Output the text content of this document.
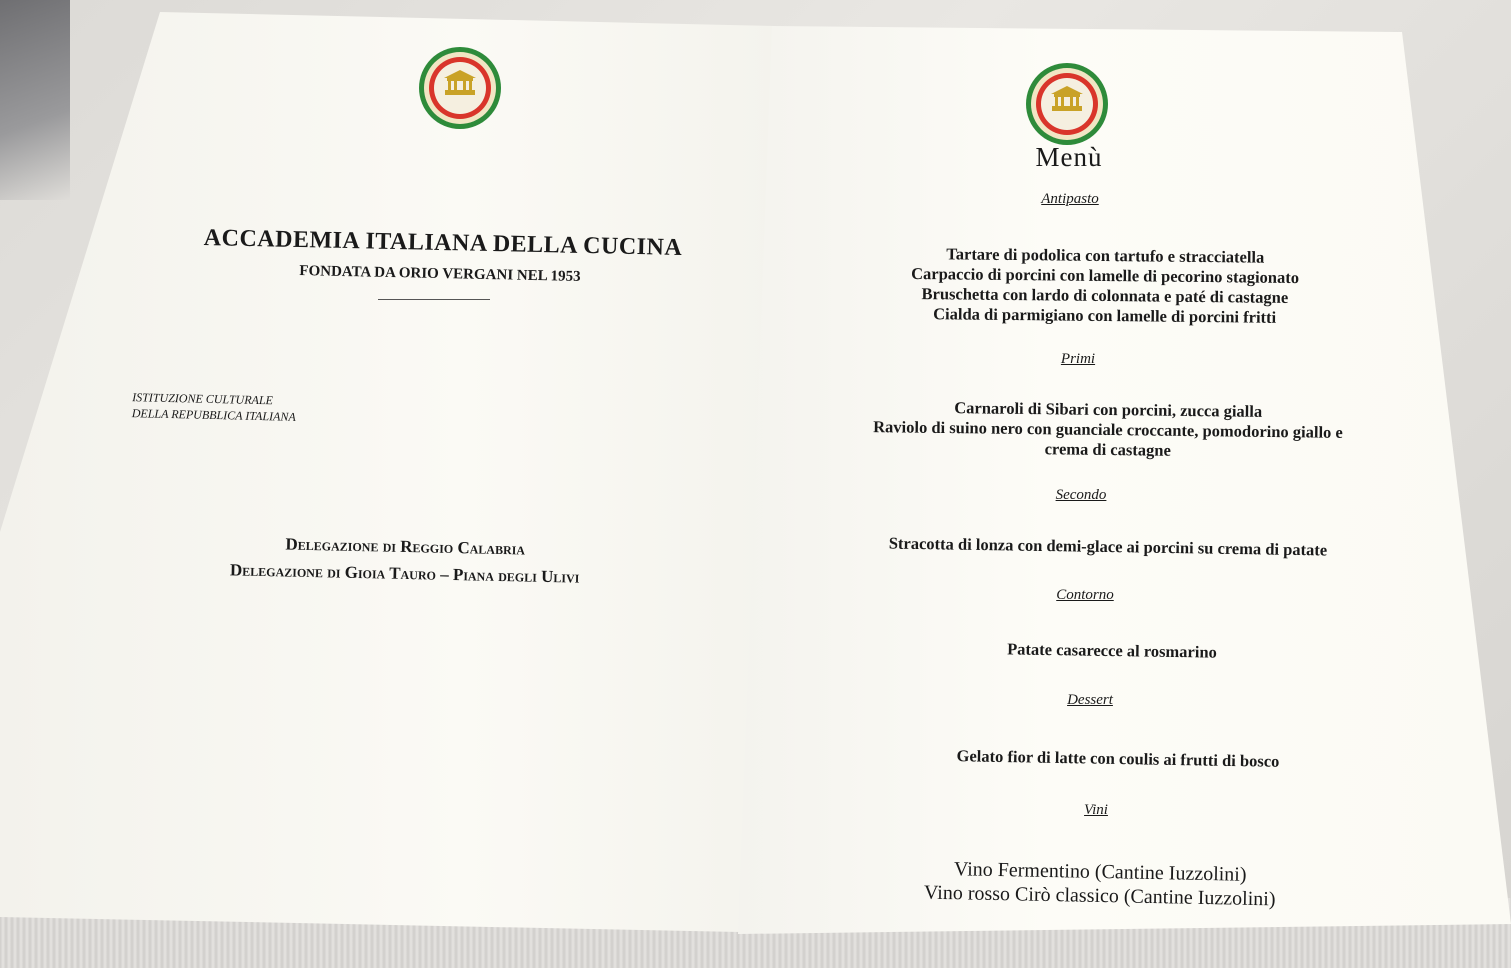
ACCADEMIA ITALIANA DELLA CUCINA
FONDATA DA ORIO VERGANI NEL 1953
ISTITUZIONE CULTURALE
DELLA REPUBBLICA ITALIANA
Delegazione di Reggio Calabria
Delegazione di Gioia Tauro – Piana degli Ulivi
Menù
Antipasto
Tartare di podolica con tartufo e stracciatella
Carpaccio di porcini con lamelle di pecorino stagionato
Bruschetta con lardo di colonnata e paté di castagne
Cialda di parmigiano con lamelle di porcini fritti
Primi
Carnaroli di Sibari con porcini, zucca gialla
Raviolo di suino nero con guanciale croccante, pomodorino giallo e
crema di castagne
Secondo
Stracotta di lonza con demi-glace ai porcini su crema di patate
Contorno
Patate casarecce al rosmarino
Dessert
Gelato fior di latte con coulis ai frutti di bosco
Vini
Vino Fermentino (Cantine Iuzzolini)
Vino rosso Cirò classico (Cantine Iuzzolini)
